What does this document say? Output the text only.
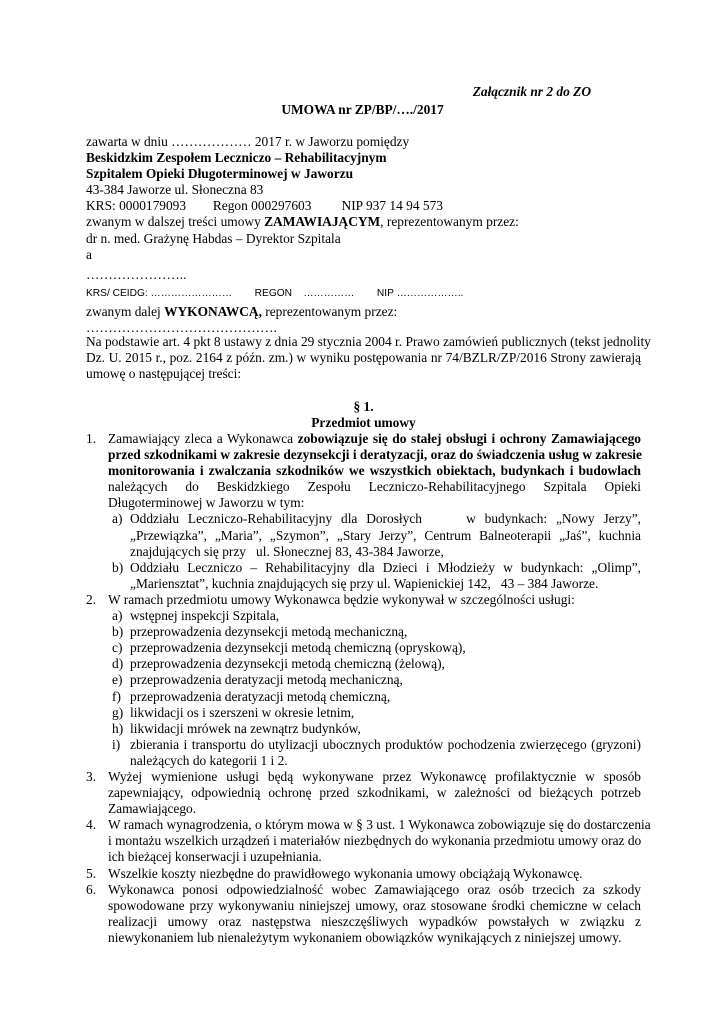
Załącznik nr 2 do ZO
UMOWA nr ZP/BP/…./2017
zawarta w dniu ……………… 2017 r. w Jaworzu pomiędzy
Beskidzkim Zespołem Leczniczo – Rehabilitacyjnym
Szpitalem Opieki Długoterminowej w Jaworzu
43-384 Jaworze ul. Słoneczna 83
KRS: 0000179093        Regon 000297603         NIP 937 14 94 573
zwanym w dalszej treści umowy ZAMAWIAJĄCYM, reprezentowanym przez:
dr n. med. Grażynę Habdas – Dyrektor Szpitala
a
…………………..
KRS/ CEIDG: ……………………        REGON    ……………        NIP ………………..
zwanym dalej WYKONAWCĄ, reprezentowanym przez:
…………………………………….
Na podstawie art. 4 pkt 8 ustawy z dnia 29 stycznia 2004 r. Prawo zamówień publicznych (tekst jednolity
Dz. U. 2015 r., poz. 2164 z późn. zm.) w wyniku postępowania nr 74/BZLR/ZP/2016 Strony zawierają
umowę o następującej treści:
§ 1.
Przedmiot umowy
1. Zamawiający zleca a Wykonawca zobowiązuje się do stałej obsługi i ochrony Zamawiającego
przed szkodnikami w zakresie dezynsekcji i deratyzacji, oraz do świadczenia usług w zakresie
monitorowania i zwalczania szkodników we wszystkich obiektach, budynkach i budowlach
należących do Beskidzkiego Zespołu Leczniczo-Rehabilitacyjnego Szpitala Opieki
Długoterminowej w Jaworzu w tym:
a) Oddziału Leczniczo-Rehabilitacyjny dla Dorosłych     w budynkach: „Nowy Jerzy”,
„Przewiązka”, „Maria”, „Szymon”, „Stary Jerzy”, Centrum Balneoterapii „Jaś”, kuchnia
znajdujących się przy   ul. Słonecznej 83, 43-384 Jaworze,
b) Oddziału Leczniczo – Rehabilitacyjny dla Dzieci i Młodzieży w budynkach: „Olimp”,
„Mariensztat”, kuchnia znajdujących się przy ul. Wapienickiej 142,   43 – 384 Jaworze.
2. W ramach przedmiotu umowy Wykonawca będzie wykonywał w szczególności usługi:
a) wstępnej inspekcji Szpitala,
b) przeprowadzenia dezynsekcji metodą mechaniczną,
c) przeprowadzenia dezynsekcji metodą chemiczną (opryskową),
d) przeprowadzenia dezynsekcji metodą chemiczną (żelową),
e) przeprowadzenia deratyzacji metodą mechaniczną,
f) przeprowadzenia deratyzacji metodą chemiczną,
g) likwidacji os i szerszeni w okresie letnim,
h) likwidacji mrówek na zewnątrz budynków,
i) zbierania i transportu do utylizacji ubocznych produktów pochodzenia zwierzęcego (gryzoni)
należących do kategorii 1 i 2.
3. Wyżej wymienione usługi będą wykonywane przez Wykonawcę profilaktycznie w sposób
zapewniający, odpowiednią ochronę przed szkodnikami, w zależności od bieżących potrzeb
Zamawiającego.
4. W ramach wynagrodzenia, o którym mowa w § 3 ust. 1 Wykonawca zobowiązuje się do dostarczenia
i montażu wszelkich urządzeń i materiałów niezbędnych do wykonania przedmiotu umowy oraz do
ich bieżącej konserwacji i uzupełniania.
5. Wszelkie koszty niezbędne do prawidłowego wykonania umowy obciążają Wykonawcę.
6. Wykonawca ponosi odpowiedzialność wobec Zamawiającego oraz osób trzecich za szkody
spowodowane przy wykonywaniu niniejszej umowy, oraz stosowane środki chemiczne w celach
realizacji umowy oraz następstwa nieszczęśliwych wypadków powstałych w związku z
niewykonaniem lub nienależytym wykonaniem obowiązków wynikających z niniejszej umowy.
